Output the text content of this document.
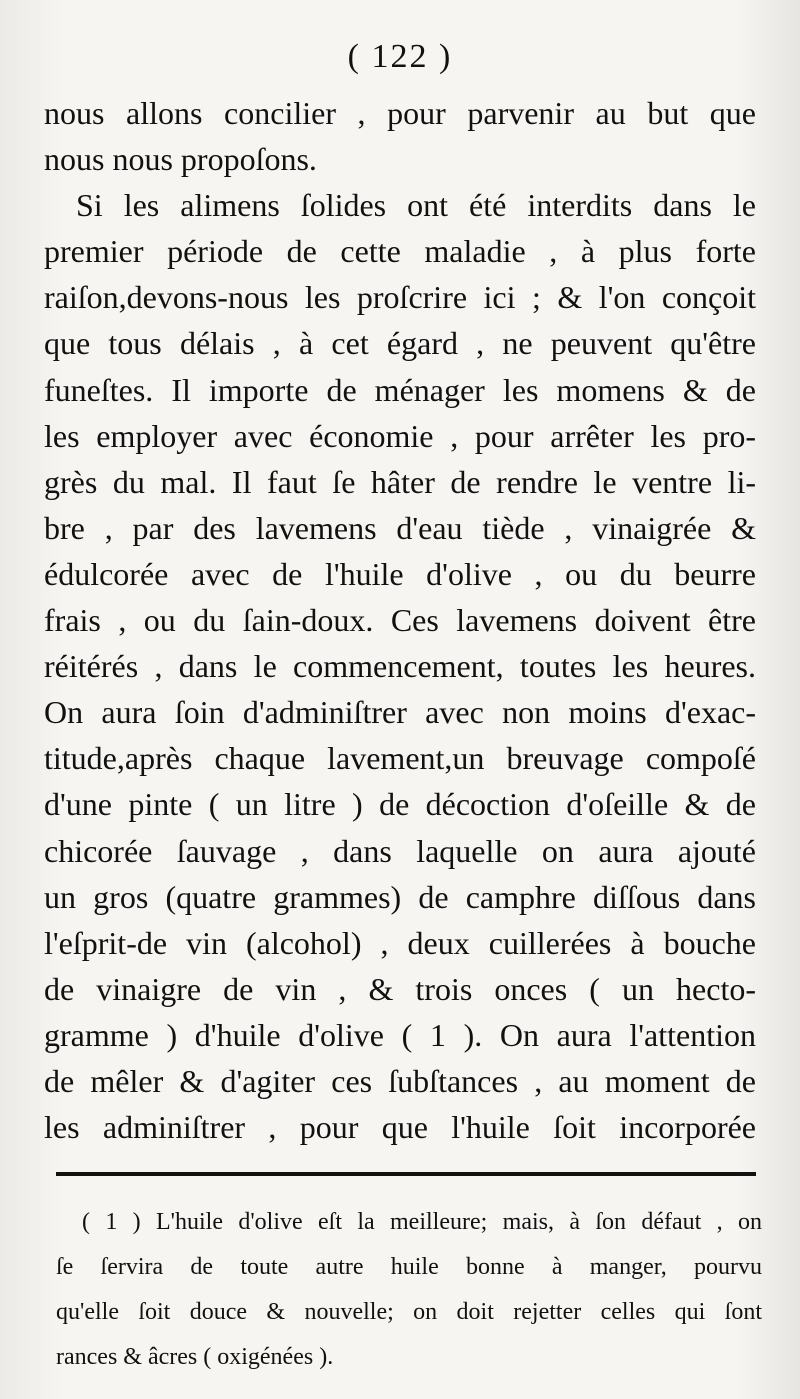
( 122 )
nous allons concilier , pour parvenir au but que
nous nous propoſons.
Si les alimens ſolides ont été interdits dans le
premier période de cette maladie , à plus forte
raiſon,devons-nous les proſcrire ici ; & l'on conçoit
que tous délais , à cet égard , ne peuvent qu'être
funeſtes. Il importe de ménager les momens & de
les employer avec économie , pour arrêter les pro-
grès du mal. Il faut ſe hâter de rendre le ventre li-
bre , par des lavemens d'eau tiède , vinaigrée &
édulcorée avec de l'huile d'olive , ou du beurre
frais , ou du ſain-doux. Ces lavemens doivent être
réitérés , dans le commencement, toutes les heures.
On aura ſoin d'adminiſtrer avec non moins d'exac-
titude,après chaque lavement,un breuvage compoſé
d'une pinte ( un litre ) de décoction d'oſeille & de
chicorée ſauvage , dans laquelle on aura ajouté
un gros (quatre grammes) de camphre diſſous dans
l'eſprit-de vin (alcohol) , deux cuillerées à bouche
de vinaigre de vin , & trois onces ( un hecto-
gramme ) d'huile d'olive ( 1 ). On aura l'attention
de mêler & d'agiter ces ſubſtances , au moment de
les adminiſtrer , pour que l'huile ſoit incorporée
( 1 ) L'huile d'olive eſt la meilleure; mais, à ſon défaut , on
ſe ſervira de toute autre huile bonne à manger, pourvu
qu'elle ſoit douce & nouvelle; on doit rejetter celles qui ſont
rances & âcres ( oxigénées ).
